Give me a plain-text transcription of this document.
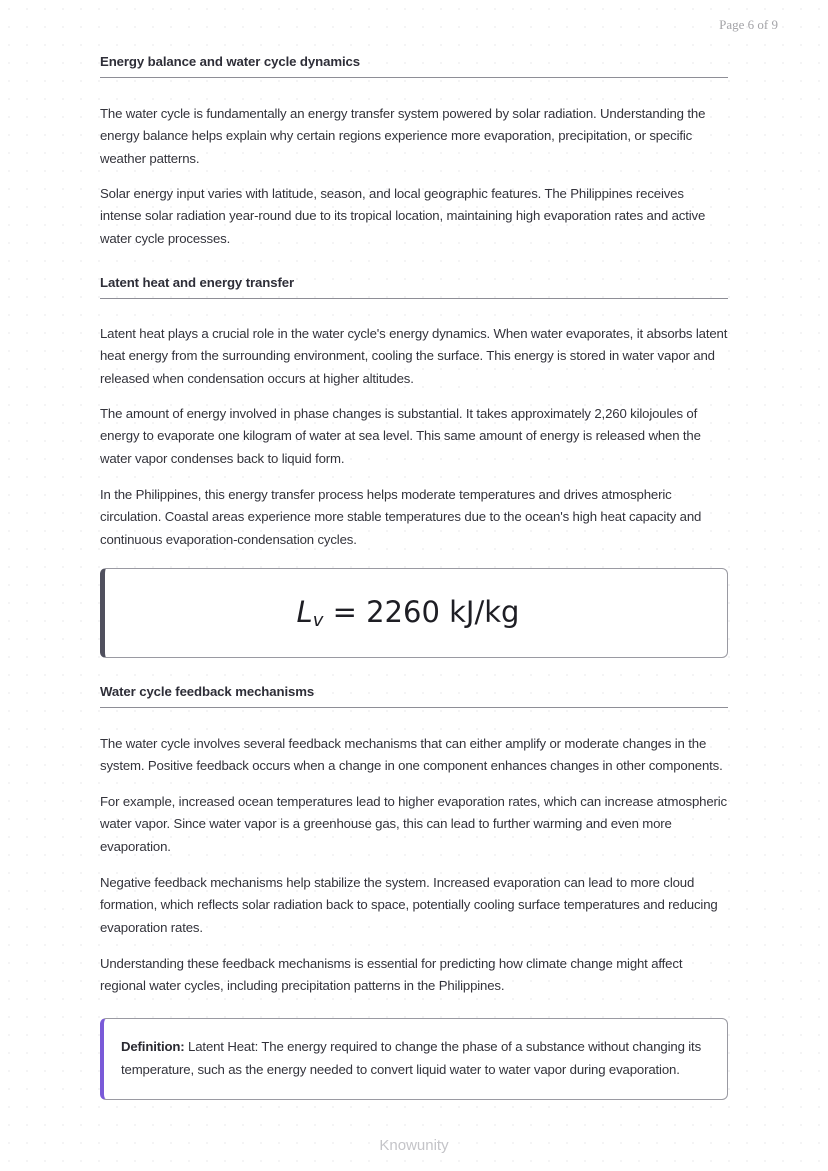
Page 6 of 9
Energy balance and water cycle dynamics
The water cycle is fundamentally an energy transfer system powered by solar radiation. Understanding the energy balance helps explain why certain regions experience more evaporation, precipitation, or specific weather patterns.
Solar energy input varies with latitude, season, and local geographic features. The Philippines receives intense solar radiation year-round due to its tropical location, maintaining high evaporation rates and active water cycle processes.
Latent heat and energy transfer
Latent heat plays a crucial role in the water cycle's energy dynamics. When water evaporates, it absorbs latent heat energy from the surrounding environment, cooling the surface. This energy is stored in water vapor and released when condensation occurs at higher altitudes.
The amount of energy involved in phase changes is substantial. It takes approximately 2,260 kilojoules of energy to evaporate one kilogram of water at sea level. This same amount of energy is released when the water vapor condenses back to liquid form.
In the Philippines, this energy transfer process helps moderate temperatures and drives atmospheric circulation. Coastal areas experience more stable temperatures due to the ocean's high heat capacity and continuous evaporation-condensation cycles.
Water cycle feedback mechanisms
The water cycle involves several feedback mechanisms that can either amplify or moderate changes in the system. Positive feedback occurs when a change in one component enhances changes in other components.
For example, increased ocean temperatures lead to higher evaporation rates, which can increase atmospheric water vapor. Since water vapor is a greenhouse gas, this can lead to further warming and even more evaporation.
Negative feedback mechanisms help stabilize the system. Increased evaporation can lead to more cloud formation, which reflects solar radiation back to space, potentially cooling surface temperatures and reducing evaporation rates.
Understanding these feedback mechanisms is essential for predicting how climate change might affect regional water cycles, including precipitation patterns in the Philippines.
$L_v = 2260$ kJ/kg
Definition: Latent Heat: The energy required to change the phase of a substance without changing its temperature, such as the energy needed to convert liquid water to water vapor during evaporation.
Knowunity
